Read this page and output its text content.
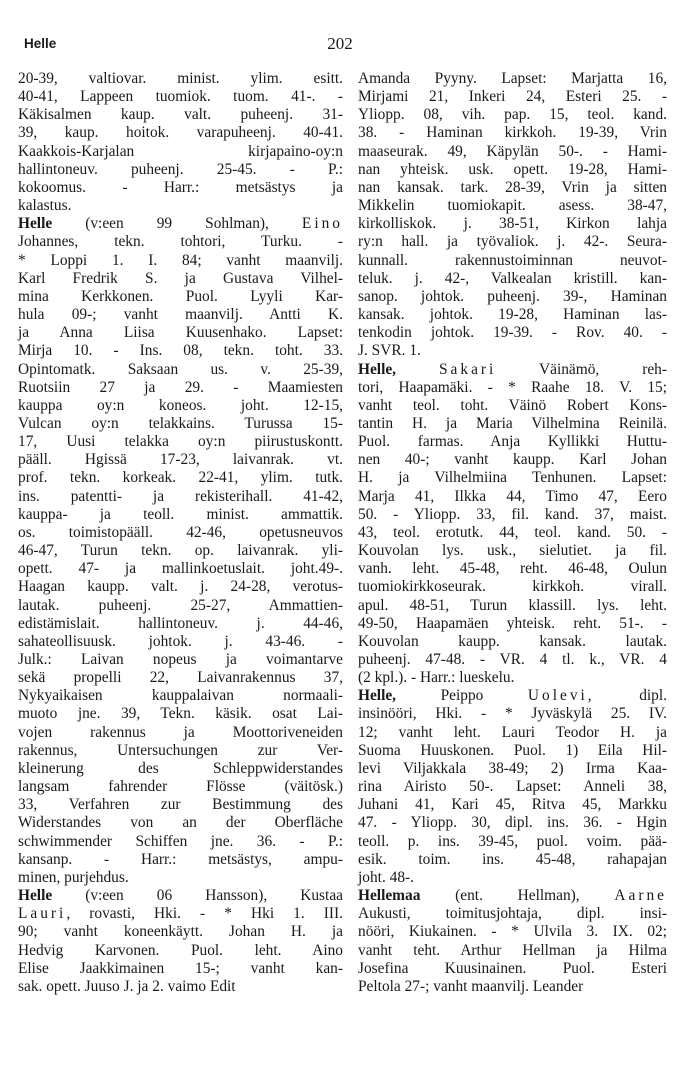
Helle	202
20-39, valtiovar. minist. ylim. esitt.
40-41, Lappeen tuomiok. tuom. 41-. -
Käkisalmen kaup. valt. puheenj. 31-
39, kaup. hoitok. varapuheenj. 40-41.
Kaakkois-Karjalan kirjapaino-oy:n
hallintoneuv. puheenj. 25-45. - P.:
kokoomus. - Harr.: metsästys ja
kalastus.
Helle (v:een 99 Sohlman), Eino
Johannes, tekn. tohtori, Turku. -
* Loppi 1. I. 84; vanht maanvilj.
Karl Fredrik S. ja Gustava Vilhel-
mina Kerkkonen. Puol. Lyyli Kar-
hula 09-; vanht maanvilj. Antti K.
ja Anna Liisa Kuusenhako. Lapset:
Mirja 10. - Ins. 08, tekn. toht. 33.
Opintomatk. Saksaan us. v. 25-39,
Ruotsiin 27 ja 29. - Maamiesten
kauppa oy:n koneos. joht. 12-15,
Vulcan oy:n telakkains. Turussa 15-
17, Uusi telakka oy:n piirustuskontt.
pääll. Hgissä 17-23, laivanrak. vt.
prof. tekn. korkeak. 22-41, ylim. tutk.
ins. patentti- ja rekisterihall. 41-42,
kauppa- ja teoll. minist. ammattik.
os. toimistopääll. 42-46, opetusneuvos
46-47, Turun tekn. op. laivanrak. yli-
opett. 47- ja mallinkoetuslait. joht.49-.
Haagan kaupp. valt. j. 24-28, verotus-
lautak. puheenj. 25-27, Ammattien-
edistämislait. hallintoneuv. j. 44-46,
sahateollisuusk. johtok. j. 43-46. -
Julk.: Laivan nopeus ja voimantarve
sekä propelli 22, Laivanrakennus 37,
Nykyaikaisen kauppalaivan normaali-
muoto jne. 39, Tekn. käsik. osat Lai-
vojen rakennus ja Moottoriveneiden
rakennus, Untersuchungen zur Ver-
kleinerung des Schleppwiderstandes
langsam fahrender Flösse (väitösk.)
33, Verfahren zur Bestimmung des
Widerstandes von an der Oberfläche
schwimmender Schiffen jne. 36. - P.:
kansanp. - Harr.: metsästys, ampu-
minen, purjehdus.
Helle (v:een 06 Hansson), Kustaa
Lauri, rovasti, Hki. - * Hki 1. III.
90; vanht koneenkäytt. Johan H. ja
Hedvig Karvonen. Puol. leht. Aino
Elise Jaakkimainen 15-; vanht kan-
sak. opett. Juuso J. ja 2. vaimo Edit
Amanda Pyyny. Lapset: Marjatta 16,
Mirjami 21, Inkeri 24, Esteri 25. -
Yliopp. 08, vih. pap. 15, teol. kand.
38. - Haminan kirkkoh. 19-39, Vrin
maaseurak. 49, Käpylän 50-. - Hami-
nan yhteisk. usk. opett. 19-28, Hami-
nan kansak. tark. 28-39, Vrin ja sitten
Mikkelin tuomiokapit. asess. 38-47,
kirkolliskok. j. 38-51, Kirkon lahja
ry:n hall. ja työvaliok. j. 42-. Seura-
kunnall. rakennustoiminnan neuvot-
teluk. j. 42-, Valkealan kristill. kan-
sanop. johtok. puheenj. 39-, Haminan
kansak. johtok. 19-28, Haminan las-
tenkodin johtok. 19-39. - Rov. 40. -
J. SVR. 1.
Helle,	Sakari Väinämö, reh-
tori, Haapamäki. - * Raahe 18. V. 15;
vanht teol. toht. Väinö Robert Kons-
tantin H. ja Maria Vilhelmina Reinilä.
Puol. farmas. Anja Kyllikki Huttu-
nen 40-; vanht kaupp. Karl Johan
H. ja Vilhelmiina Tenhunen. Lapset:
Marja 41, Ilkka 44, Timo 47, Eero
50. - Yliopp. 33, fil. kand. 37, maist.
43, teol. erotutk. 44, teol. kand. 50. -
Kouvolan lys. usk., sielutiet. ja fil.
vanh. leht. 45-48, reht. 46-48, Oulun
tuomiokirkkoseurak. kirkkoh. virall.
apul. 48-51, Turun klassill. lys. leht.
49-50, Haapamäen yhteisk. reht. 51-. -
Kouvolan kaupp. kansak. lautak.
puheenj. 47-48. - VR. 4 tl. k., VR. 4
(2 kpl.). - Harr.: lueskelu.
Helle, Peippo Uolevi, dipl.
insinööri, Hki. - * Jyväskylä 25. IV.
12; vanht leht. Lauri Teodor H. ja
Suoma Huuskonen. Puol. 1) Eila Hil-
levi Viljakkala 38-49; 2) Irma Kaa-
rina Airisto 50-. Lapset: Anneli 38,
Juhani 41, Kari 45, Ritva 45, Markku
47. - Yliopp. 30, dipl. ins. 36. - Hgin
teoll. p. ins. 39-45, puol. voim. pää-
esik. toim. ins. 45-48, rahapajan
joht. 48-.
Hellemaa (ent. Hellman), Aarne
Aukusti, toimitusjohtaja, dipl. insi-
nööri, Kiukainen. - * Ulvila 3. IX. 02;
vanht teht. Arthur Hellman ja Hilma
Josefina Kuusinainen. Puol. Esteri
Peltola 27-; vanht maanvilj. Leander
